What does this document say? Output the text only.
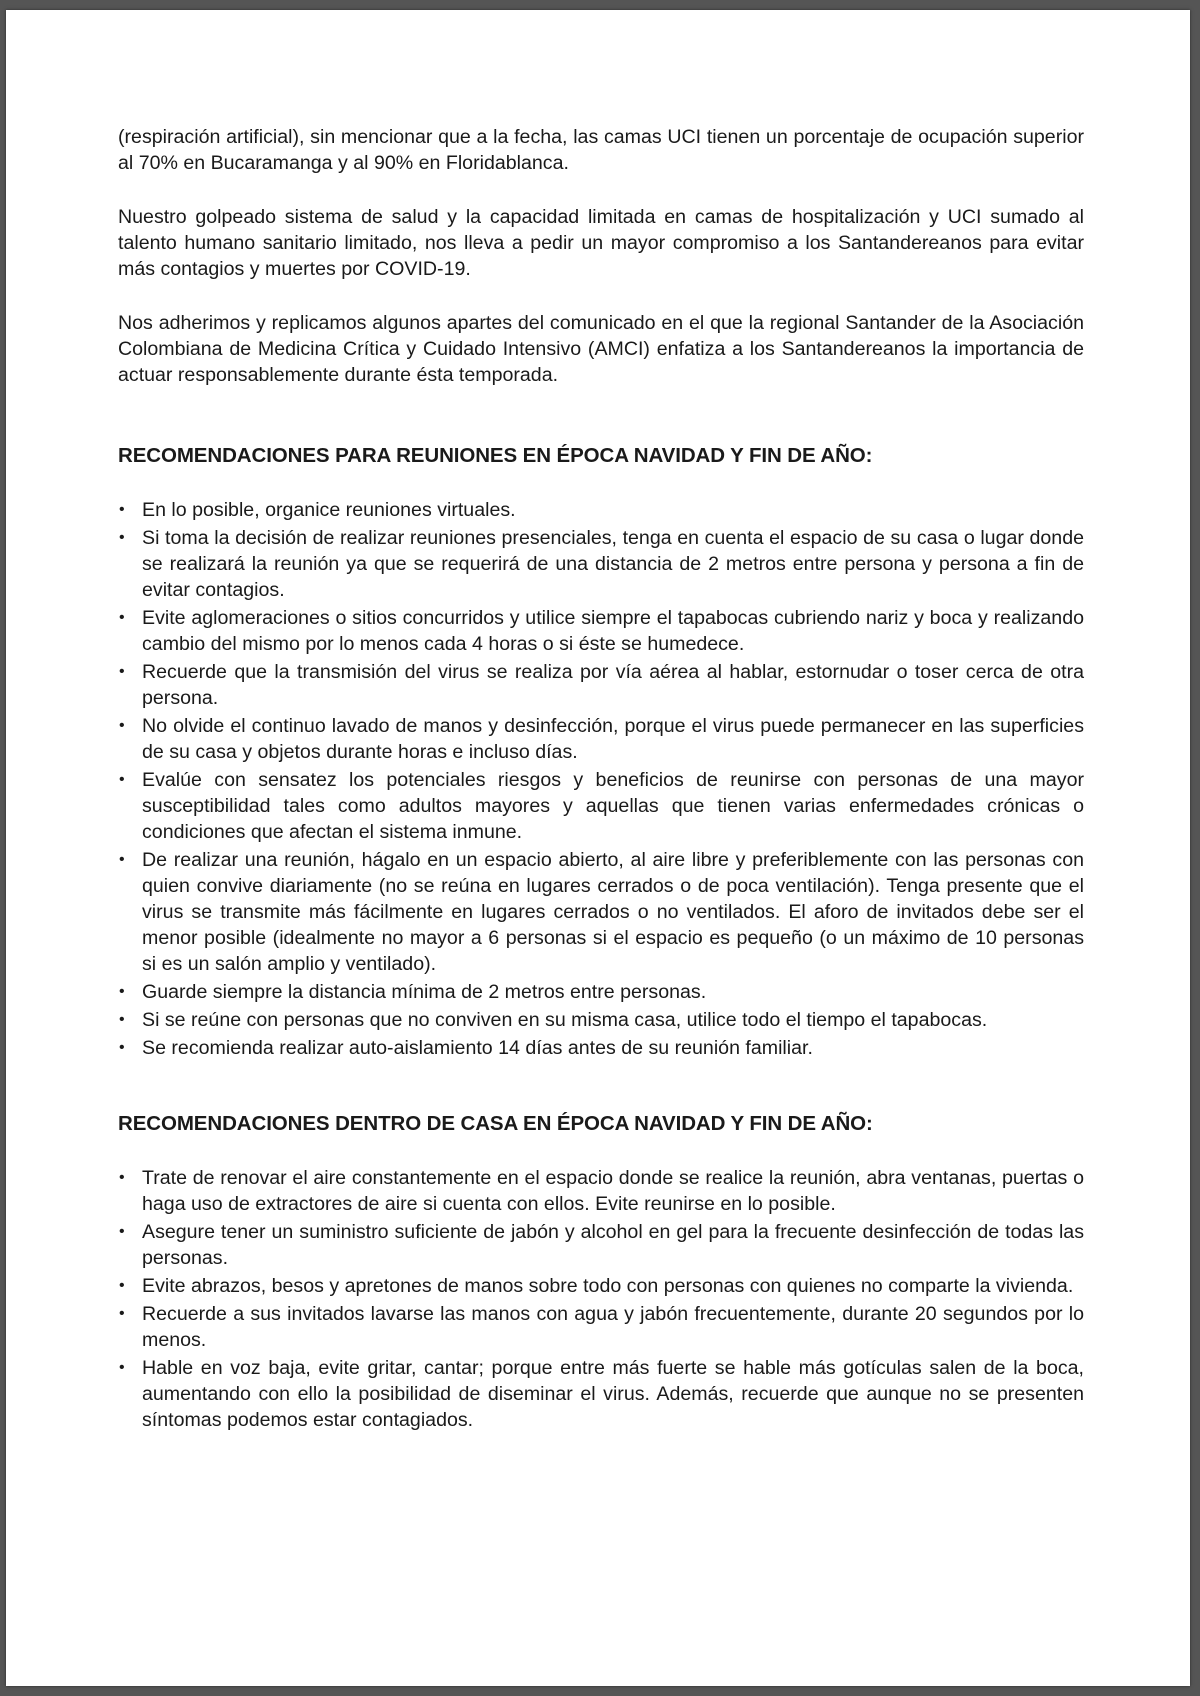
(respiración artificial), sin mencionar que a la fecha, las camas UCI tienen un porcentaje de ocupación superior al 70% en Bucaramanga y al 90% en Floridablanca.

Nuestro golpeado sistema de salud y la capacidad limitada en camas de hospitalización y UCI sumado al talento humano sanitario limitado, nos lleva a pedir un mayor compromiso a los Santandereanos para evitar más contagios y muertes por COVID-19.

Nos adherimos y replicamos algunos apartes del comunicado en el que la regional Santander de la Asociación Colombiana de Medicina Crítica y Cuidado Intensivo (AMCI) enfatiza a los Santandereanos la importancia de actuar responsablemente durante ésta temporada.

RECOMENDACIONES PARA REUNIONES EN ÉPOCA NAVIDAD Y FIN DE AÑO:
• En lo posible, organice reuniones virtuales.
• Si toma la decisión de realizar reuniones presenciales, tenga en cuenta el espacio de su casa o lugar donde se realizará la reunión ya que se requerirá de una distancia de 2 metros entre persona y persona a fin de evitar contagios.
• Evite aglomeraciones o sitios concurridos y utilice siempre el tapabocas cubriendo nariz y boca y realizando cambio del mismo por lo menos cada 4 horas o si éste se humedece.
• Recuerde que la transmisión del virus se realiza por vía aérea al hablar, estornudar o toser cerca de otra persona.
• No olvide el continuo lavado de manos y desinfección, porque el virus puede permanecer en las superficies de su casa y objetos durante horas e incluso días.
• Evalúe con sensatez los potenciales riesgos y beneficios de reunirse con personas de una mayor susceptibilidad tales como adultos mayores y aquellas que tienen varias enfermedades crónicas o condiciones que afectan el sistema inmune.
• De realizar una reunión, hágalo en un espacio abierto, al aire libre y preferiblemente con las personas con quien convive diariamente (no se reúna en lugares cerrados o de poca ventilación). Tenga presente que el virus se transmite más fácilmente en lugares cerrados o no ventilados. El aforo de invitados debe ser el menor posible (idealmente no mayor a 6 personas si el espacio es pequeño (o un máximo de 10 personas si es un salón amplio y ventilado).
• Guarde siempre la distancia mínima de 2 metros entre personas.
• Si se reúne con personas que no conviven en su misma casa, utilice todo el tiempo el tapabocas.
• Se recomienda realizar auto-aislamiento 14 días antes de su reunión familiar.
RECOMENDACIONES DENTRO DE CASA EN ÉPOCA NAVIDAD Y FIN DE AÑO:
• Trate de renovar el aire constantemente en el espacio donde se realice la reunión, abra ventanas, puertas o haga uso de extractores de aire si cuenta con ellos. Evite reunirse en lo posible.
• Asegure tener un suministro suficiente de jabón y alcohol en gel para la frecuente desinfección de todas las personas.
• Evite abrazos, besos y apretones de manos sobre todo con personas con quienes no comparte la vivienda.
• Recuerde a sus invitados lavarse las manos con agua y jabón frecuentemente, durante 20 segundos por lo menos.
• Hable en voz baja, evite gritar, cantar; porque entre más fuerte se hable más gotículas salen de la boca, aumentando con ello la posibilidad de diseminar el virus. Además, recuerde que aunque no se presenten síntomas podemos estar contagiados.
